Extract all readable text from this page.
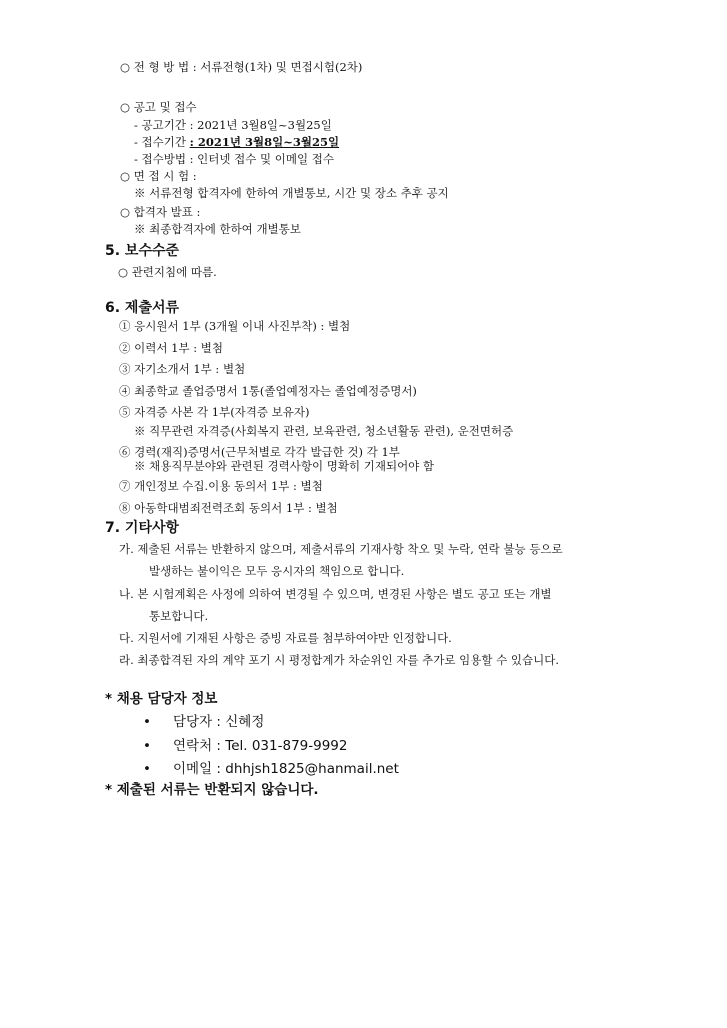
○ 전 형 방 법 : 서류전형(1차) 및 면접시험(2차)
○ 공고 및 접수
- 공고기간 : 2021년 3월8일~3월25일
- 접수기간 : 2021년 3월8일~3월25일
- 접수방법 : 인터넷 접수 및 이메일 접수
○ 면 접 시 험 :
※ 서류전형 합격자에 한하여 개별통보, 시간 및 장소 추후 공지
○ 합격자 발표 :
※ 최종합격자에 한하여 개별통보
5. 보수수준
○ 관련지침에 따름.
6. 제출서류
① 응시원서 1부 (3개월 이내 사진부착) : 별첨
② 이력서 1부 : 별첨
③ 자기소개서 1부 : 별첨
④ 최종학교 졸업증명서 1통(졸업예정자는 졸업예정증명서)
⑤ 자격증 사본 각 1부(자격증 보유자)
※ 직무관련 자격증(사회복지 관련, 보육관련, 청소년활동 관련), 운전면허증
⑥ 경력(재직)증명서(근무처별로 각각 발급한 것) 각 1부
※ 채용직무분야와 관련된 경력사항이 명확히 기재되어야 함
⑦ 개인정보 수집.이용 동의서 1부 : 별첨
⑧ 아동학대범죄전력조회 동의서 1부 : 별첨
7. 기타사항
가. 제출된 서류는 반환하지 않으며, 제출서류의 기재사항 착오 및 누락, 연락 불능 등으로
발생하는 불이익은 모두 응시자의 책임으로 합니다.
나. 본 시험계획은 사정에 의하여 변경될 수 있으며, 변경된 사항은 별도 공고 또는 개별
통보합니다.
다. 지원서에 기재된 사항은 증빙 자료를 첨부하여야만 인정합니다.
라. 최종합격된 자의 계약 포기 시 평정합계가 차순위인 자를 추가로 임용할 수 있습니다.
* 채용 담당자 정보
• 담당자 : 신혜정
• 연락처 : Tel. 031-879-9992
• 이메일 : dhhjsh1825@hanmail.net
* 제출된 서류는 반환되지 않습니다.
